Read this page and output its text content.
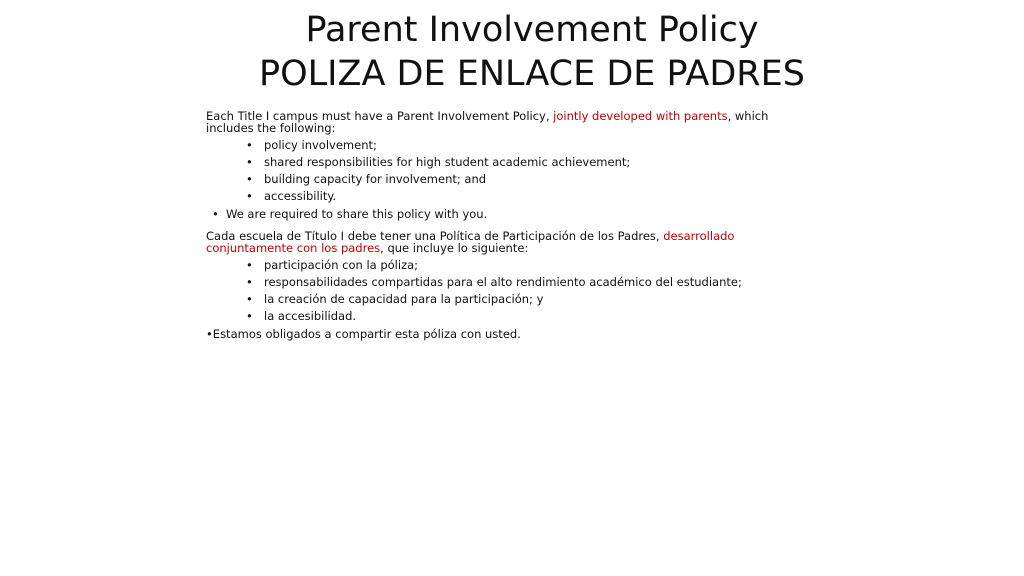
Parent Involvement Policy
POLIZA DE ENLACE DE PADRES

Each Title I campus must have a Parent Involvement Policy, jointly developed with parents, which includes the following:

• policy involvement;
• shared responsibilities for high student academic achievement;
• building capacity for involvement; and
• accessibility.
• We are required to share this policy with you.

Cada escuela de Título I debe tener una Política de Participación de los Padres, desarrollado conjuntamente con los padres, que incluye lo siguiente:

• participación con la póliza;
• responsabilidades compartidas para el alto rendimiento académico del estudiante;
• la creación de capacidad para la participación; y
• la accesibilidad.
•Estamos obligados a compartir esta póliza con usted.
